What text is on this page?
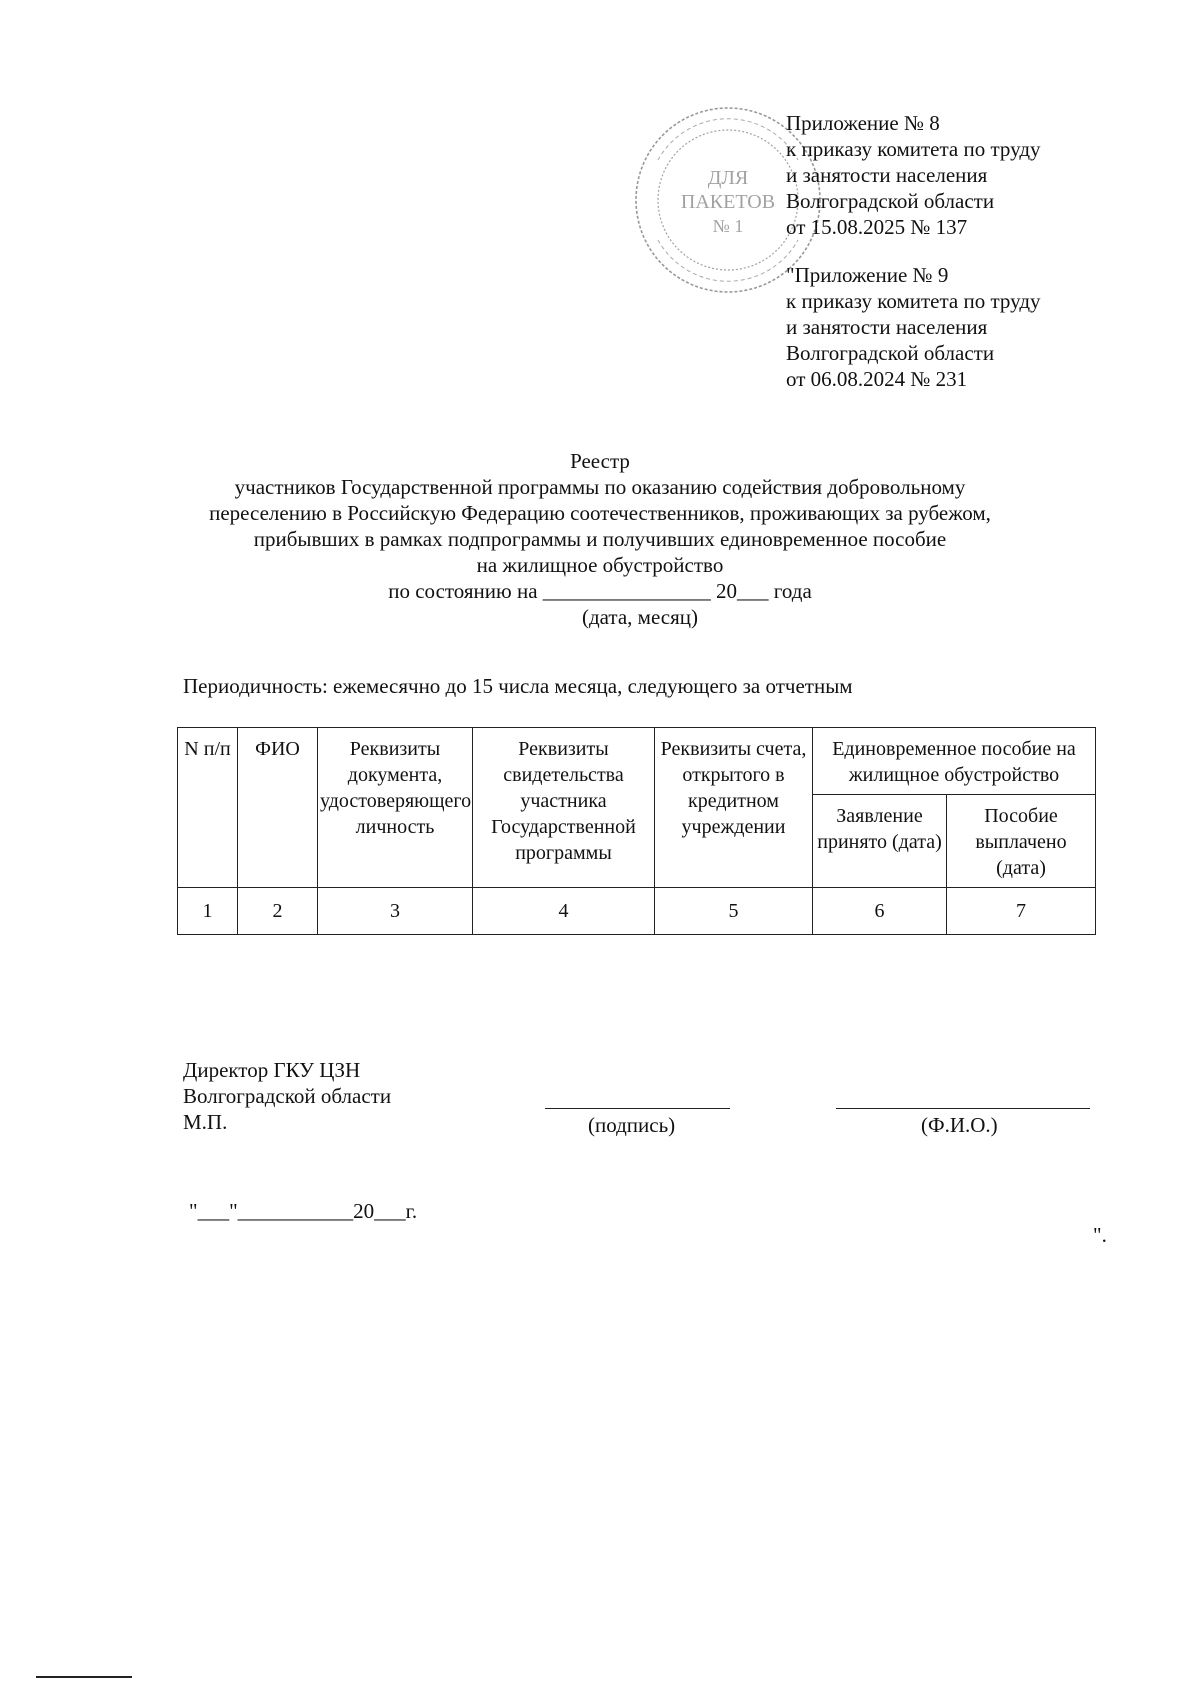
ДЛЯ
ПАКЕТОВ
№ 1
Приложение № 8
к приказу комитета по труду
и занятости населения
Волгоградской области
от 15.08.2025 № 137
"Приложение № 9
к приказу комитета по труду
и занятости населения
Волгоградской области
от 06.08.2024 № 231
Реестр
участников Государственной программы по оказанию содействия добровольному
переселению в Российскую Федерацию соотечественников, проживающих за рубежом,
прибывших в рамках подпрограммы и получивших единовременное пособие
на жилищное обустройство
по состоянию на ________________ 20___ года
(дата, месяц)
Периодичность: ежемесячно до 15 числа месяца, следующего за отчетным
N п/п	ФИО	Реквизиты документа, удостоверяющего личность	Реквизиты свидетельства участника Государственной программы	Реквизиты счета, открытого в кредитном учреждении	Единовременное пособие на жилищное обустройство	
					Заявление принято (дата)	Пособие выплачено (дата)
1	2	3	4	5	6	7
Директор ГКУ ЦЗН
Волгоградской области
М.П.	(подпись)	(Ф.И.О.)
"___"___________20___г.
".
